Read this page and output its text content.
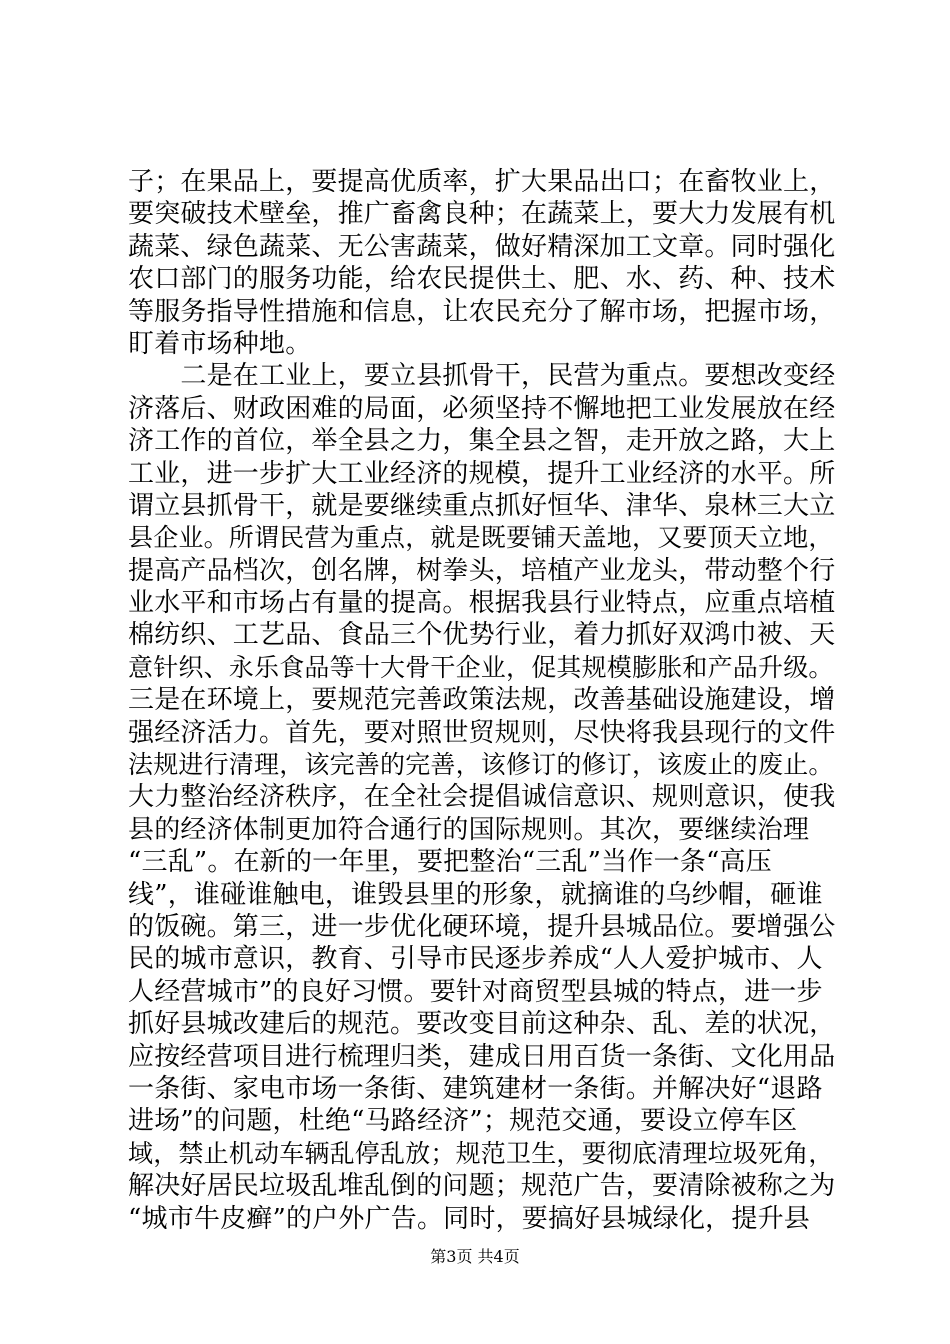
子；在果品上，要提高优质率，扩大果品出口；在畜牧业上，
要突破技术壁垒，推广畜禽良种；在蔬菜上，要大力发展有机
蔬菜、绿色蔬菜、无公害蔬菜，做好精深加工文章。同时强化
农口部门的服务功能，给农民提供土、肥、水、药、种、技术
等服务指导性措施和信息，让农民充分了解市场，把握市场，
盯着市场种地。
　　二是在工业上，要立县抓骨干，民营为重点。要想改变经
济落后、财政困难的局面，必须坚持不懈地把工业发展放在经
济工作的首位，举全县之力，集全县之智，走开放之路，大上
工业，进一步扩大工业经济的规模，提升工业经济的水平。所
谓立县抓骨干，就是要继续重点抓好恒华、津华、泉林三大立
县企业。所谓民营为重点，就是既要铺天盖地，又要顶天立地，
提高产品档次，创名牌，树拳头，培植产业龙头，带动整个行
业水平和市场占有量的提高。根据我县行业特点，应重点培植
棉纺织、工艺品、食品三个优势行业，着力抓好双鸿巾被、天
意针织、永乐食品等十大骨干企业，促其规模膨胀和产品升级。
三是在环境上，要规范完善政策法规，改善基础设施建设，增
强经济活力。首先，要对照世贸规则，尽快将我县现行的文件
法规进行清理，该完善的完善，该修订的修订，该废止的废止。
大力整治经济秩序，在全社会提倡诚信意识、规则意识，使我
县的经济体制更加符合通行的国际规则。其次，要继续治理
“三乱”。在新的一年里，要把整治“三乱”当作一条“高压
线”，谁碰谁触电，谁毁县里的形象，就摘谁的乌纱帽，砸谁
的饭碗。第三，进一步优化硬环境，提升县城品位。要增强公
民的城市意识，教育、引导市民逐步养成“人人爱护城市、人
人经营城市”的良好习惯。要针对商贸型县城的特点，进一步
抓好县城改建后的规范。要改变目前这种杂、乱、差的状况，
应按经营项目进行梳理归类，建成日用百货一条街、文化用品
一条街、家电市场一条街、建筑建材一条街。并解决好“退路
进场”的问题，杜绝“马路经济”；规范交通，要设立停车区
域，禁止机动车辆乱停乱放；规范卫生，要彻底清理垃圾死角，
解决好居民垃圾乱堆乱倒的问题；规范广告，要清除被称之为
“城市牛皮癣”的户外广告。同时，要搞好县城绿化，提升县
第3页 共4页
